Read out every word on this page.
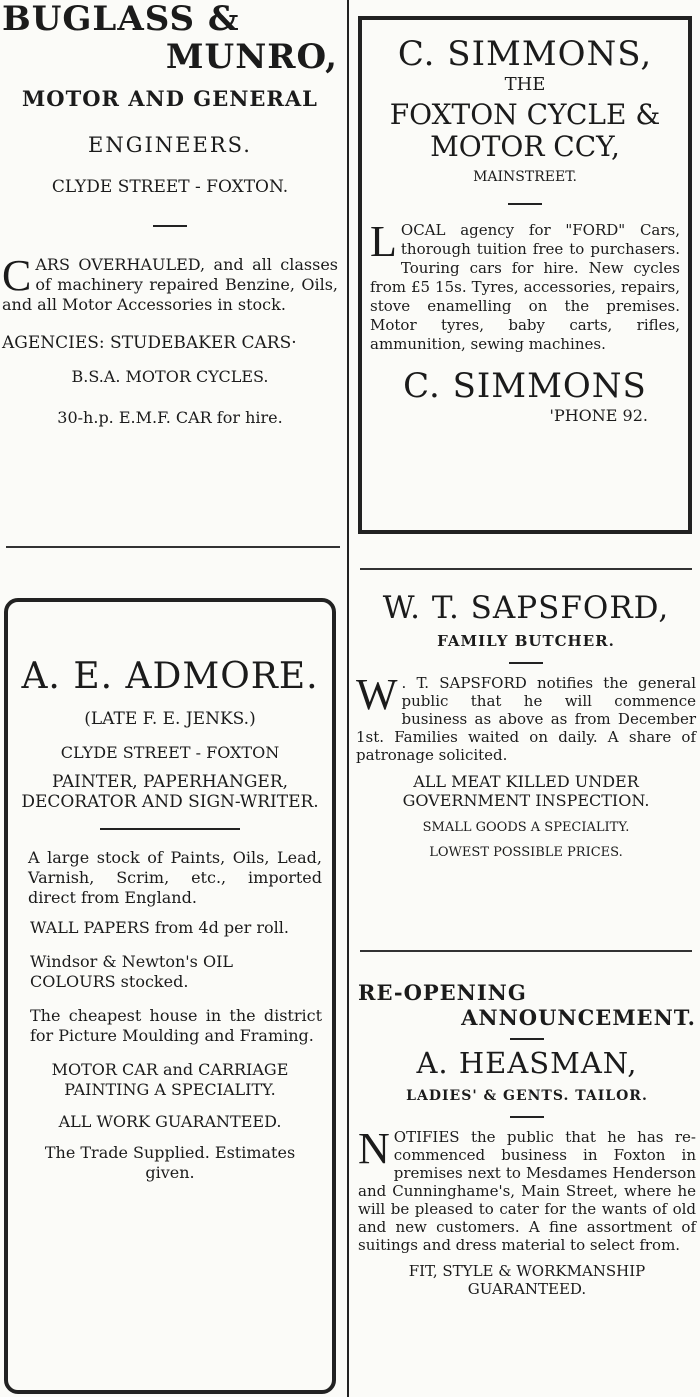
BUGLASS &
MUNRO,
MOTOR AND GENERAL
ENGINEERS.
CLYDE STREET - FOXTON.
CARS OVERHAULED, and all classes of machinery repaired Benzine, Oils, and all Motor Accessories in stock.
AGENCIES: STUDEBAKER CARS·
B.S.A. MOTOR CYCLES.
30-h.p. E.M.F. CAR for hire.
C. SIMMONS,
THE
FOXTON CYCLE &
MOTOR CCY,
MAINSTREET.
LOCAL agency for "FORD" Cars, thorough tuition free to purchasers. Touring cars for hire. New cycles from £5 15s. Tyres, accessories, repairs, stove enamelling on the premises. Motor tyres, baby carts, rifles, ammunition, sewing machines.
C. SIMMONS
'PHONE 92.
A. E. ADMORE.
(LATE F. E. JENKS.)
CLYDE STREET - FOXTON
PAINTER, PAPERHANGER, DECORATOR AND SIGN-WRITER.
A large stock of Paints, Oils, Lead, Varnish, Scrim, etc., imported direct from England.
WALL PAPERS from 4d per roll.
Windsor & Newton's OIL COLOURS stocked.
The cheapest house in the district for Picture Moulding and Framing.
MOTOR CAR and CARRIAGE PAINTING A SPECIALITY.
ALL WORK GUARANTEED.
The Trade Supplied. Estimates given.
W. T. SAPSFORD,
FAMILY BUTCHER.
W . T. SAPSFORD notifies the general public that he will commence business as above as from December 1st. Families waited on daily. A share of patronage solicited.
ALL MEAT KILLED UNDER GOVERNMENT INSPECTION.
SMALL GOODS A SPECIALITY.
LOWEST POSSIBLE PRICES.
RE-OPENING
ANNOUNCEMENT.
A. HEASMAN,
LADIES' & GENTS. TAILOR.
NOTIFIES the public that he has re-commenced business in Foxton in premises next to Mesdames Henderson and Cunninghame's, Main Street, where he will be pleased to cater for the wants of old and new customers. A fine assortment of suitings and dress material to select from.
FIT, STYLE & WORKMANSHIP GUARANTEED.
